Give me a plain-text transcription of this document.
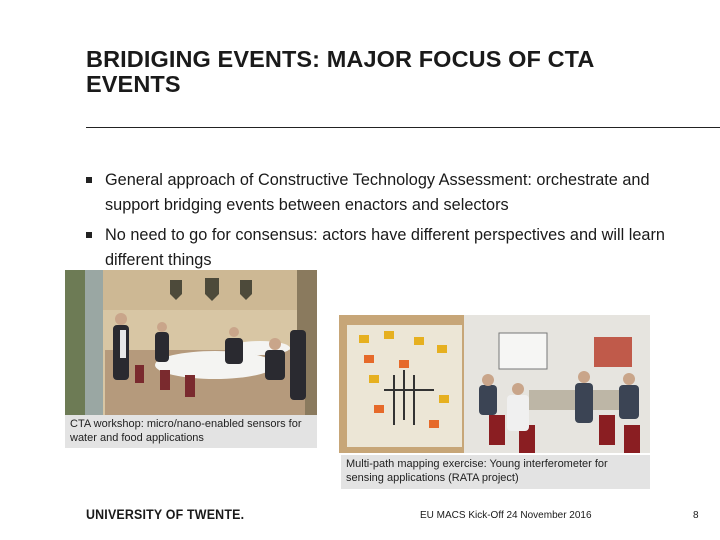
BRIDIGING EVENTS: MAJOR FOCUS OF CTA EVENTS
General approach of Constructive Technology Assessment: orchestrate and support bridging events between enactors and selectors
No need to go for consensus: actors have different perspectives and will learn different things
CTA workshop: micro/nano-enabled sensors for water and food applications
Multi-path mapping exercise: Young interferometer for sensing applications (RATA project)
UNIVERSITY OF TWENTE.	EU MACS Kick-Off 24 November 2016	8
